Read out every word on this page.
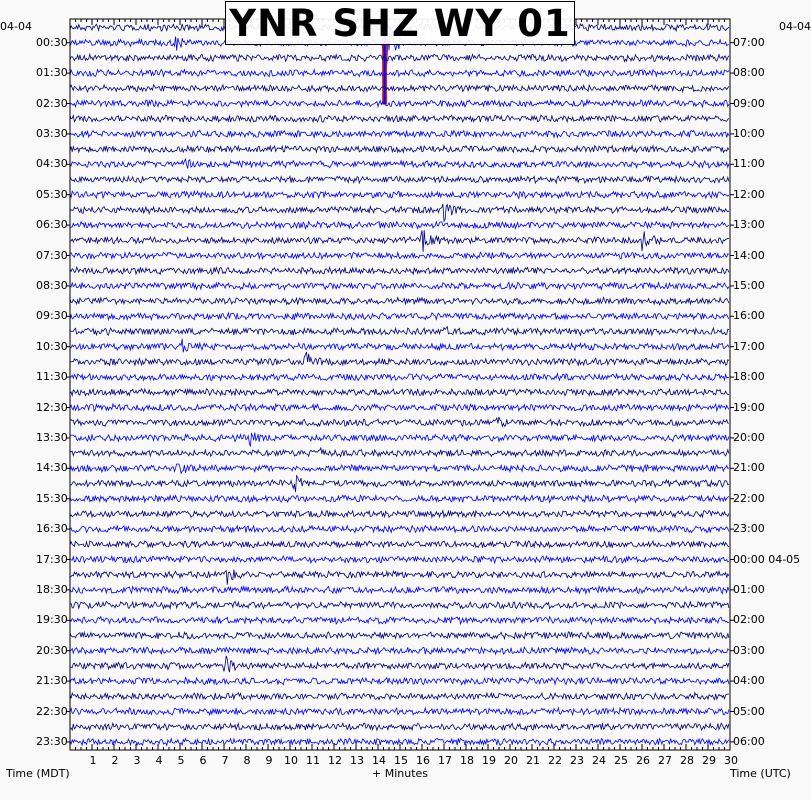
YNR SHZ WY 01
04-04	04-04
Time (MDT)	+ Minutes	Time (UTC)
1 2 3 4 5 6 7 8 9 10 11 12 13 14 15 16 17 18 19 20 21 22 23 24 25 26 27 28 29 30
00:30
01:30
02:30
03:30
04:30
05:30
06:30
07:30
08:30
09:30
10:30
11:30
12:30
13:30
14:30
15:30
16:30
17:30
18:30
19:30
20:30
21:30
22:30
23:30
07:00
08:00
09:00
10:00
11:00
12:00
13:00
14:00
15:00
16:00
17:00
18:00
19:00
20:00
21:00
22:00
23:00
00:00 04-05
01:00
02:00
03:00
04:00
05:00
06:00
